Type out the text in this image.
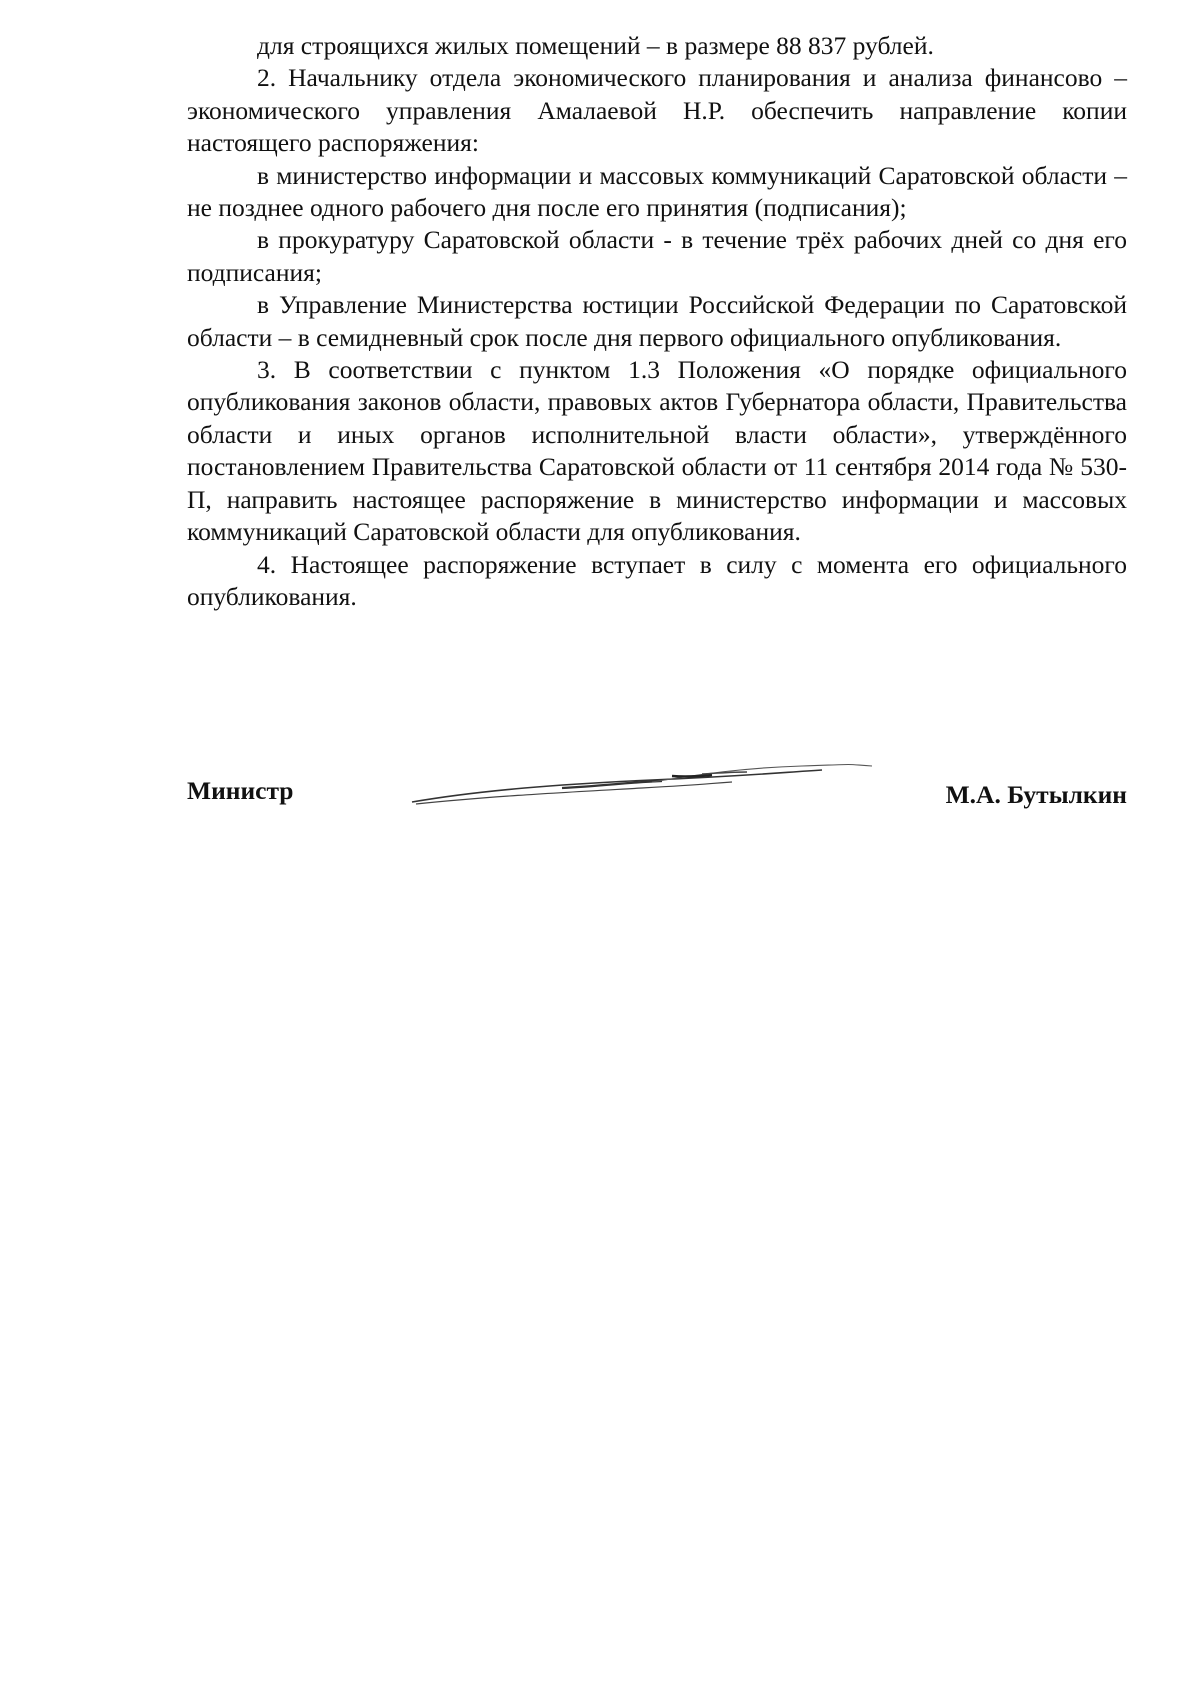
для строящихся жилых помещений – в размере 88 837 рублей.

2. Начальнику отдела экономического планирования и анализа финансово – экономического управления Амалаевой Н.Р. обеспечить направление копии настоящего распоряжения:

в министерство информации и массовых коммуникаций Саратовской области – не позднее одного рабочего дня после его принятия (подписания);

в прокуратуру Саратовской области - в течение трёх рабочих дней со дня его подписания;

в Управление Министерства юстиции Российской Федерации по Саратовской области – в семидневный срок после дня первого официального опубликования.

3. В соответствии с пунктом 1.3 Положения «О порядке официального опубликования законов области, правовых актов Губернатора области, Правительства области и иных органов исполнительной власти области», утверждённого постановлением Правительства Саратовской области от 11 сентября 2014 года № 530-П, направить настоящее распоряжение в министерство информации и массовых коммуникаций Саратовской области для опубликования.

4. Настоящее распоряжение вступает в силу с момента его официального опубликования.

Министр	М.А. Бутылкин
